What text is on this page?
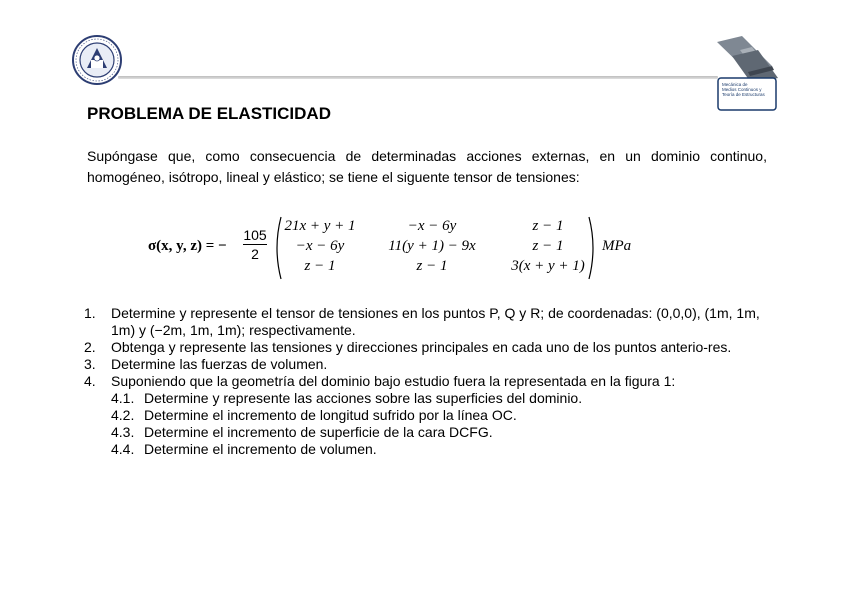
Mecánica de
Medios Continuos y
Teoría de Estructuras
PROBLEMA DE ELASTICIDAD

Supóngase que, como consecuencia de determinadas acciones externas, en un dominio continuo, homogéneo, isótropo, lineal y elástico; se tiene el siguente tensor de tensiones:

σ(x, y, z) = − $\frac{105}{2} 21x + y + 1$	−x − 6y	z − 1
−x − 6y	11(y + 1) − 9x	z − 1
z − 1	z − 1	3(x + y + 1)
MPa
1. Determine y represente el tensor de tensiones en los puntos P, Q y R; de coordenadas: (0,0,0), (1m, 1m, 1m) y (−2m, 1m, 1m); respectivamente.
2. Obtenga y represente las tensiones y direcciones principales en cada uno de los puntos anterio-res.
3. Determine las fuerzas de volumen.
4. Suponiendo que la geometría del dominio bajo estudio fuera la representada en la figura 1:
4.1. Determine y represente las acciones sobre las superficies del dominio.
4.2. Determine el incremento de longitud sufrido por la línea OC.
4.3. Determine el incremento de superficie de la cara DCFG.
4.4. Determine el incremento de volumen.
